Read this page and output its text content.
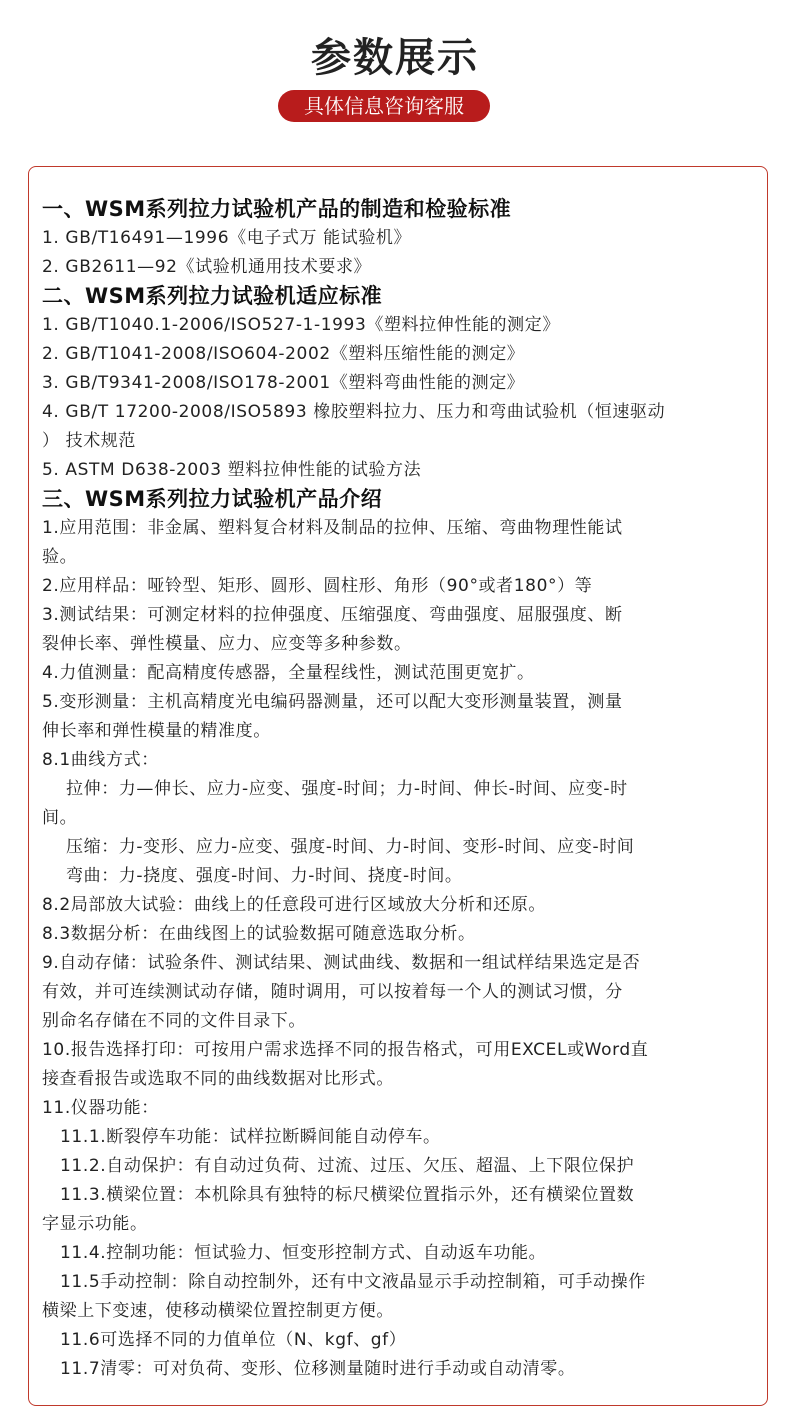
参数展示
具体信息咨询客服
一、WSM系列拉力试验机产品的制造和检验标准
1. GB/T16491—1996《电子式万 能试验机》
2. GB2611—92《试验机通用技术要求》
二、WSM系列拉力试验机适应标准
1. GB/T1040.1-2006/ISO527-1-1993《塑料拉伸性能的测定》
2. GB/T1041-2008/ISO604-2002《塑料压缩性能的测定》
3. GB/T9341-2008/ISO178-2001《塑料弯曲性能的测定》
4. GB/T 17200-2008/ISO5893 橡胶塑料拉力、压力和弯曲试验机（恒速驱动
） 技术规范
5. ASTM D638-2003 塑料拉伸性能的试验方法
三、WSM系列拉力试验机产品介绍
1.应用范围：非金属、塑料复合材料及制品的拉伸、压缩、弯曲物理性能试
验。
2.应用样品：哑铃型、矩形、圆形、圆柱形、角形（90°或者180°）等
3.测试结果：可测定材料的拉伸强度、压缩强度、弯曲强度、屈服强度、断
裂伸长率、弹性模量、应力、应变等多种参数。
4.力值测量：配高精度传感器，全量程线性，测试范围更宽扩。
5.变形测量：主机高精度光电编码器测量，还可以配大变形测量装置，测量
伸长率和弹性模量的精准度。
8.1曲线方式：
拉伸：力—伸长、应力-应变、强度-时间；力-时间、伸长-时间、应变-时
间。
压缩：力-变形、应力-应变、强度-时间、力-时间、变形-时间、应变-时间
弯曲：力-挠度、强度-时间、力-时间、挠度-时间。
8.2局部放大试验：曲线上的任意段可进行区域放大分析和还原。
8.3数据分析：在曲线图上的试验数据可随意选取分析。
9.自动存储：试验条件、测试结果、测试曲线、数据和一组试样结果选定是否
有效，并可连续测试动存储，随时调用，可以按着每一个人的测试习惯，分
别命名存储在不同的文件目录下。
10.报告选择打印：可按用户需求选择不同的报告格式，可用EXCEL或Word直
接查看报告或选取不同的曲线数据对比形式。
11.仪器功能：
11.1.断裂停车功能：试样拉断瞬间能自动停车。
11.2.自动保护：有自动过负荷、过流、过压、欠压、超温、上下限位保护
11.3.横梁位置：本机除具有独特的标尺横梁位置指示外，还有横梁位置数
字显示功能。
11.4.控制功能：恒试验力、恒变形控制方式、自动返车功能。
11.5手动控制：除自动控制外，还有中文液晶显示手动控制箱，可手动操作
横梁上下变速，使移动横梁位置控制更方便。
11.6可选择不同的力值单位（N、kgf、gf）
11.7清零：可对负荷、变形、位移测量随时进行手动或自动清零。
